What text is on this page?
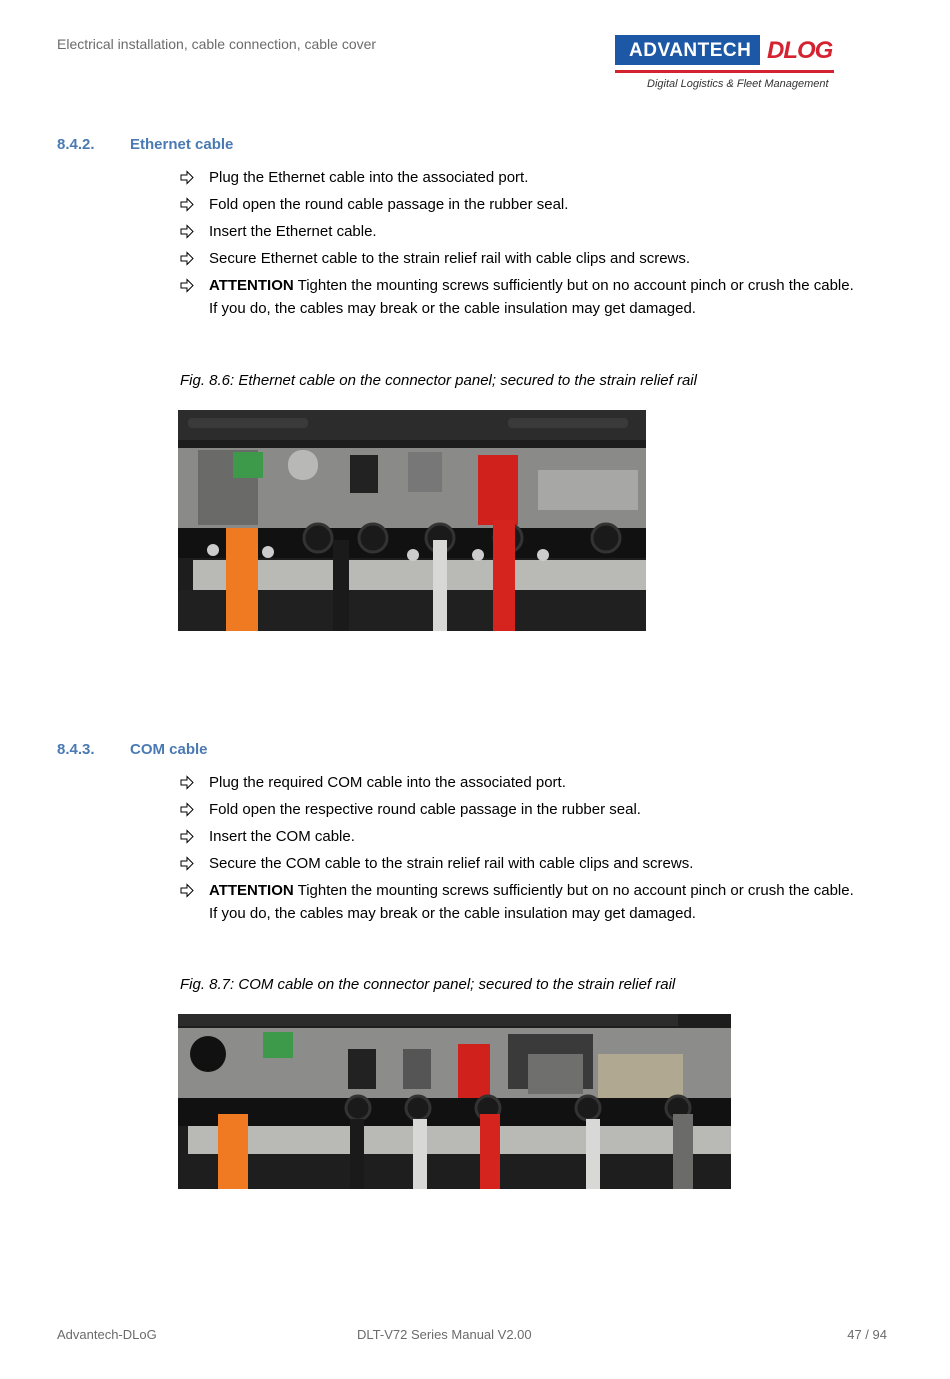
Electrical installation, cable connection, cable cover	ADVANTECH DLOG
Digital Logistics & Fleet Management
8.4.2. Ethernet cable
Plug the Ethernet cable into the associated port.
Fold open the round cable passage in the rubber seal.
Insert the Ethernet cable.
Secure Ethernet cable to the strain relief rail with cable clips and screws.
ATTENTION Tighten the mounting screws sufficiently but on no account pinch or crush the cable.
If you do, the cables may break or the cable insulation may get damaged.
Fig. 8.6: Ethernet cable on the connector panel; secured to the strain relief rail
8.4.3. COM cable
Plug the required COM cable into the associated port.
Fold open the respective round cable passage in the rubber seal.
Insert the COM cable.
Secure the COM cable to the strain relief rail with cable clips and screws.
ATTENTION Tighten the mounting screws sufficiently but on no account pinch or crush the cable.
If you do, the cables may break or the cable insulation may get damaged.
Fig. 8.7: COM cable on the connector panel; secured to the strain relief rail
Advantech-DLoG	DLT-V72 Series Manual V2.00	47 / 94
